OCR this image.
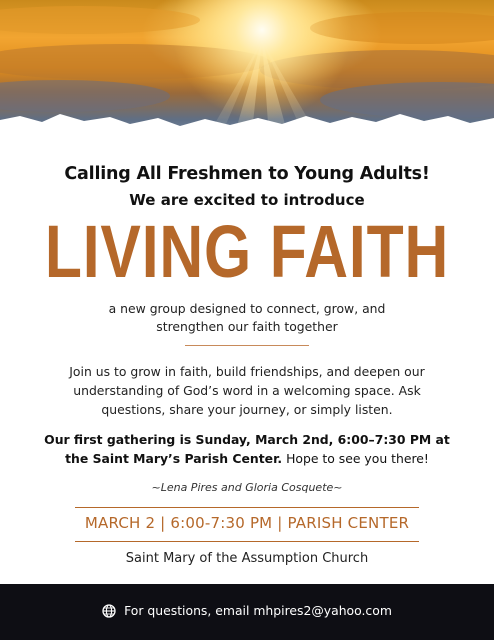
Calling All Freshmen to Young Adults!
We are excited to introduce
LIVING FAITH
a new group designed to connect, grow, and
strengthen our faith together
Join us to grow in faith, build friendships, and deepen our
understanding of God’s word in a welcoming space. Ask
questions, share your journey, or simply listen.
Our first gathering is Sunday, March 2nd, 6:00–7:30 PM at
the Saint Mary’s Parish Center. Hope to see you there!
~Lena Pires and Gloria Cosquete~
MARCH 2 | 6:00-7:30 PM | PARISH CENTER
Saint Mary of the Assumption Church
For questions, email mhpires2@yahoo.com
